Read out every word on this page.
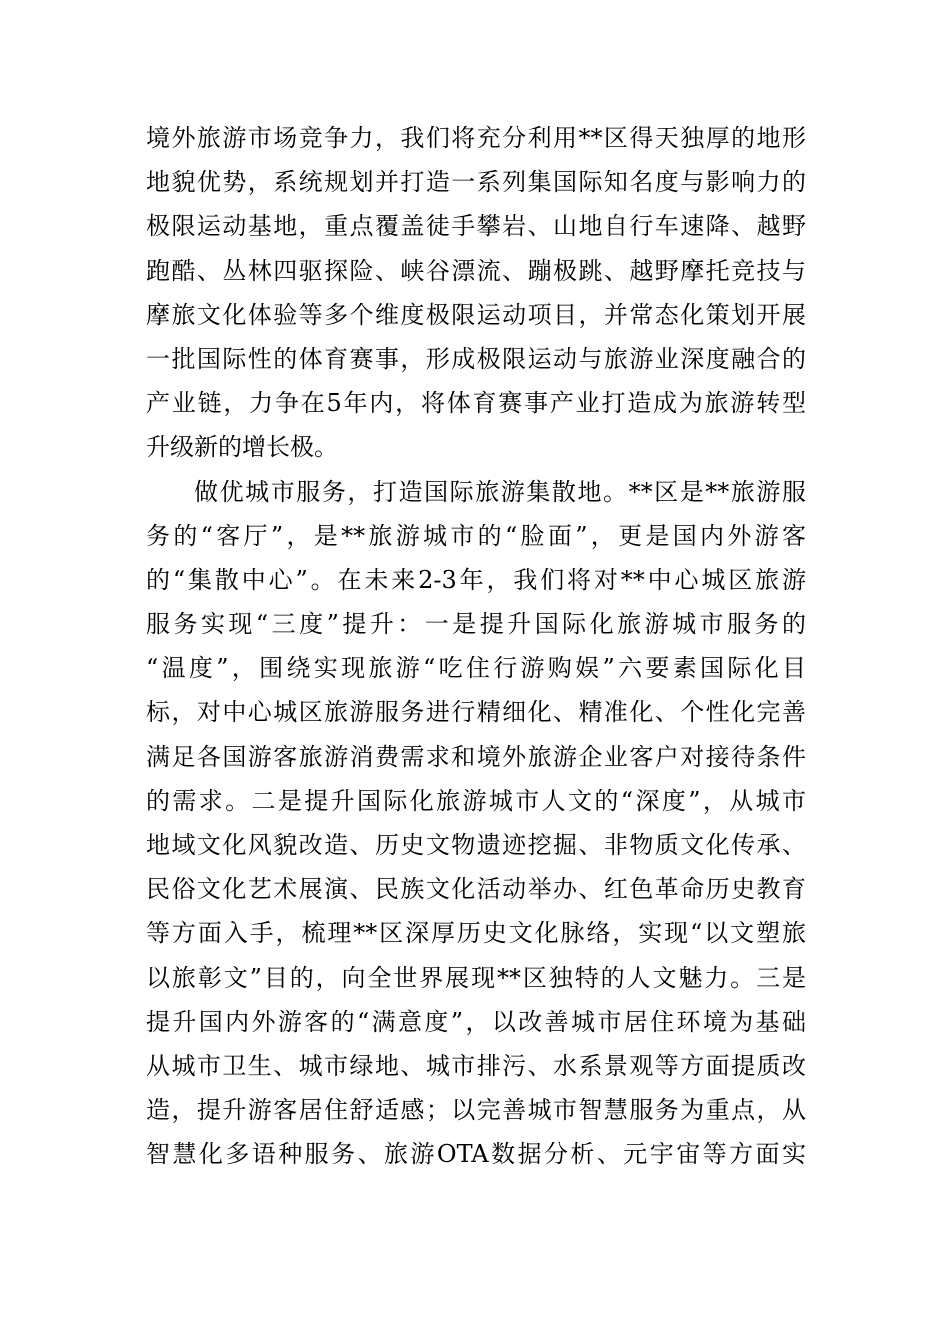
境外旅游市场竞争力，我们将充分利用**区得天独厚的地形
地貌优势，系统规划并打造一系列集国际知名度与影响力的
极限运动基地，重点覆盖徒手攀岩、山地自行车速降、越野
跑酷、丛林四驱探险、峡谷漂流、蹦极跳、越野摩托竞技与
摩旅文化体验等多个维度极限运动项目，并常态化策划开展
一批国际性的体育赛事，形成极限运动与旅游业深度融合的
产业链，力争在5年内，将体育赛事产业打造成为旅游转型
升级新的增长极。
做优城市服务，打造国际旅游集散地。**区是**旅游服
务的“客厅”，是**旅游城市的“脸面”，更是国内外游客
的“集散中心”。在未来2-3年，我们将对**中心城区旅游
服务实现“三度”提升：一是提升国际化旅游城市服务的
“温度”，围绕实现旅游“吃住行游购娱”六要素国际化目
标，对中心城区旅游服务进行精细化、精准化、个性化完善
满足各国游客旅游消费需求和境外旅游企业客户对接待条件
的需求。二是提升国际化旅游城市人文的“深度”，从城市
地域文化风貌改造、历史文物遗迹挖掘、非物质文化传承、
民俗文化艺术展演、民族文化活动举办、红色革命历史教育
等方面入手，梳理**区深厚历史文化脉络，实现“以文塑旅
以旅彰文”目的，向全世界展现**区独特的人文魅力。三是
提升国内外游客的“满意度”，以改善城市居住环境为基础
从城市卫生、城市绿地、城市排污、水系景观等方面提质改
造，提升游客居住舒适感；以完善城市智慧服务为重点，从
智慧化多语种服务、旅游OTA数据分析、元宇宙等方面实
